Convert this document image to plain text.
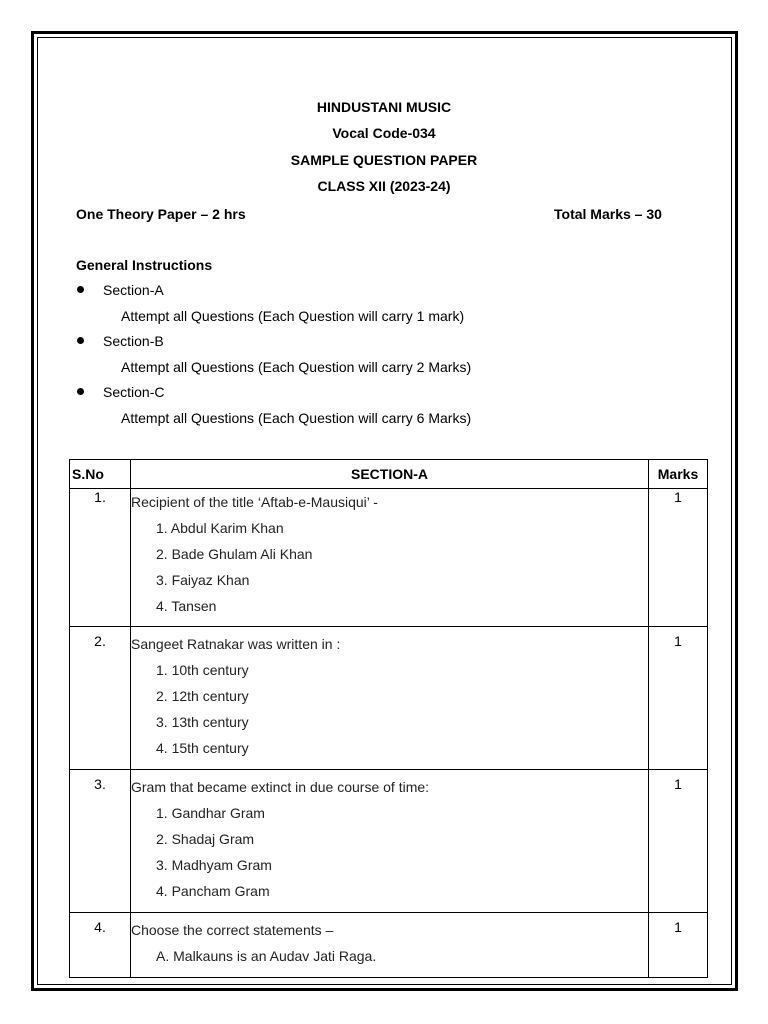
HINDUSTANI MUSIC
Vocal Code-034
SAMPLE QUESTION PAPER
CLASS XII (2023-24)
One Theory Paper – 2 hrs	Total Marks – 30
General Instructions
Section-A
Attempt all Questions (Each Question will carry 1 mark)
Section-B
Attempt all Questions (Each Question will carry 2 Marks)
Section-C
Attempt all Questions (Each Question will carry 6 Marks)
S.No	SECTION-A	Marks
1.	Recipient of the title ‘Aftab-e-Mausiqui’ -
1. Abdul Karim Khan
2. Bade Ghulam Ali Khan
3. Faiyaz Khan
4. Tansen	1
2.	Sangeet Ratnakar was written in :
1. 10th century
2. 12th century
3. 13th century
4. 15th century	1
3.	Gram that became extinct in due course of time:
1. Gandhar Gram
2. Shadaj Gram
3. Madhyam Gram
4. Pancham Gram	1
4.	Choose the correct statements –
A. Malkauns is an Audav Jati Raga.	1
